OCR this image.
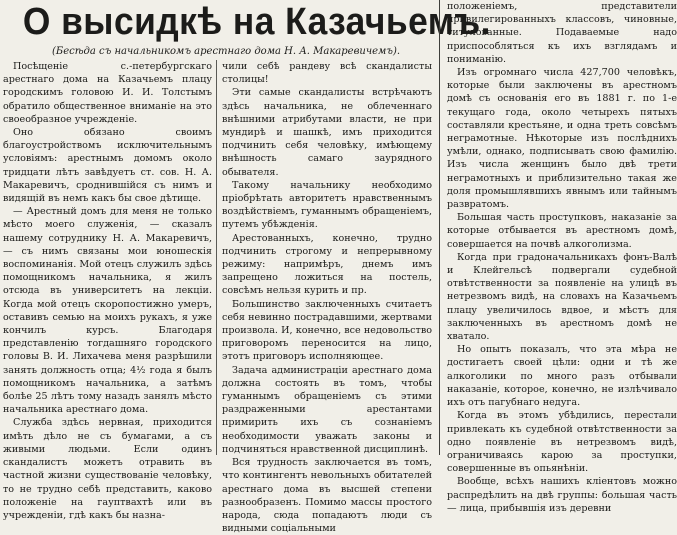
О высидкѣ на Казачьемъ.
(Бесѣда съ начальникомъ арестнаго дома Н. А. Макаревичемъ).

Посѣщеніе с.-петербургскаго арестнаго дома на Казачьемъ плацу городскимъ головою И. И. Толстымъ обратило общественное вниманіе на это своеобразное учрежденіе.

Оно обязано своимъ благоустройствомъ исключительнымъ условіямъ: арестнымъ домомъ около тридцати лѣтъ завѣдуетъ ст. сов. Н. А. Макаревичъ, сроднившійся съ нимъ и видящій въ немъ какъ бы свое дѣтище.

— Арестный домъ для меня не только мѣсто моего служенія, — сказалъ нашему сотруднику Н. А. Макаревичъ, — съ нимъ связаны мои юношескія воспоминанія. Мой отецъ служилъ здѣсь помощникомъ начальника, я жилъ отсюда въ университетъ на лекціи. Когда мой отецъ скоропостижно умеръ, оставивъ семью на моихъ рукахъ, я уже кончилъ курсъ. Благодаря представленію тогдашняго городского головы В. И. Лихачева меня разрѣшили занять должность отца; 4½ года я былъ помощникомъ начальника, а затѣмъ болѣе 25 лѣтъ тому назадъ занялъ мѣсто начальника арестнаго дома.

Служба здѣсь нервная, приходится имѣть дѣло не съ бумагами, а съ живыми людьми. Если одинъ скандалистъ можетъ отравить въ частной жизни существованіе человѣку, то не трудно себѣ представить, каково положеніе на гауптвахтѣ или въ учрежденіи, гдѣ какъ бы назна-

чили себѣ рандеву всѣ скандалисты столицы!

Эти самые скандалисты встрѣчаютъ здѣсь начальника, не облеченнаго внѣшними атрибутами власти, не при мундирѣ и шашкѣ, имъ приходится подчинить себя человѣку, имѣющему внѣшность самаго заурядного обывателя.

Такому начальнику необходимо пріобрѣтать авторитетъ нравственнымъ воздѣйствіемъ, гуманнымъ обращеніемъ, путемъ убѣжденія.

Арестованныхъ, конечно, трудно подчинить строгому и непрерывному режиму: напримѣръ, днемъ имъ запрещено ложиться на постель, совсѣмъ нельзя курить и пр.

Большинство заключенныхъ считаетъ себя невинно пострадавшими, жертвами произвола. И, конечно, все недовольство приговоромъ переносится на лицо, этотъ приговоръ исполняющее.

Задача администраціи арестнаго дома должна состоять въ томъ, чтобы гуманнымъ обращеніемъ съ этими раздраженными арестантами примирить ихъ съ сознаніемъ необходимости уважать законы и подчиняться нравственной дисциплинѣ.

Вся трудность заключается въ томъ, что контингентъ невольныхъ обитателей арестнаго дома въ высшей степени разнообразенъ. Помимо массы простого народа, сюда попадаютъ люди съ видными соціальными

положеніемъ, представители привилегированныхъ классовъ, чиновные, титулованные. Подаваемые надо приспособляться къ ихъ взглядамъ и пониманію.

Изъ огромнаго числа 427,700 человѣкъ, которые были заключены въ арестномъ домѣ съ основанія его въ 1881 г. по 1-е текущаго года, около четырехъ пятыхъ составляли крестьяне, и одна треть совсѣмъ неграмотные. Нѣкоторые изъ послѣднихъ умѣли, однако, подписывать свою фамилію. Изъ числа женщинъ было двѣ трети неграмотныхъ и приблизительно такая же доля промышлявшихъ явнымъ или тайнымъ развратомъ.

Большая часть проступковъ, наказаніе за которые отбывается въ арестномъ домѣ, совершается на почвѣ алкоголизма.

Когда при градоначальникахъ фонъ-Валѣ и Клейгельсѣ подвергали судебной отвѣтственности за появленіе на улицѣ въ нетрезвомъ видѣ, на словахъ на Казачьемъ плацу увеличилось вдвое, и мѣстъ для заключенныхъ въ арестномъ домѣ не хватало.

Но опытъ показалъ, что эта мѣра не достигаетъ своей цѣли: одни и тѣ же алкоголики по много разъ отбывали наказаніе, которое, конечно, не излѣчивало ихъ отъ пагубнаго недуга.

Когда въ этомъ убѣдились, перестали привлекать къ судебной отвѣтственности за одно появленіе въ нетрезвомъ видѣ, ограничиваясь карою за проступки, совершенные въ опьянѣніи.

Вообще, всѣхъ нашихъ кліентовъ можно распредѣлить на двѣ группы: большая часть — лица, прибывшія изъ деревни
